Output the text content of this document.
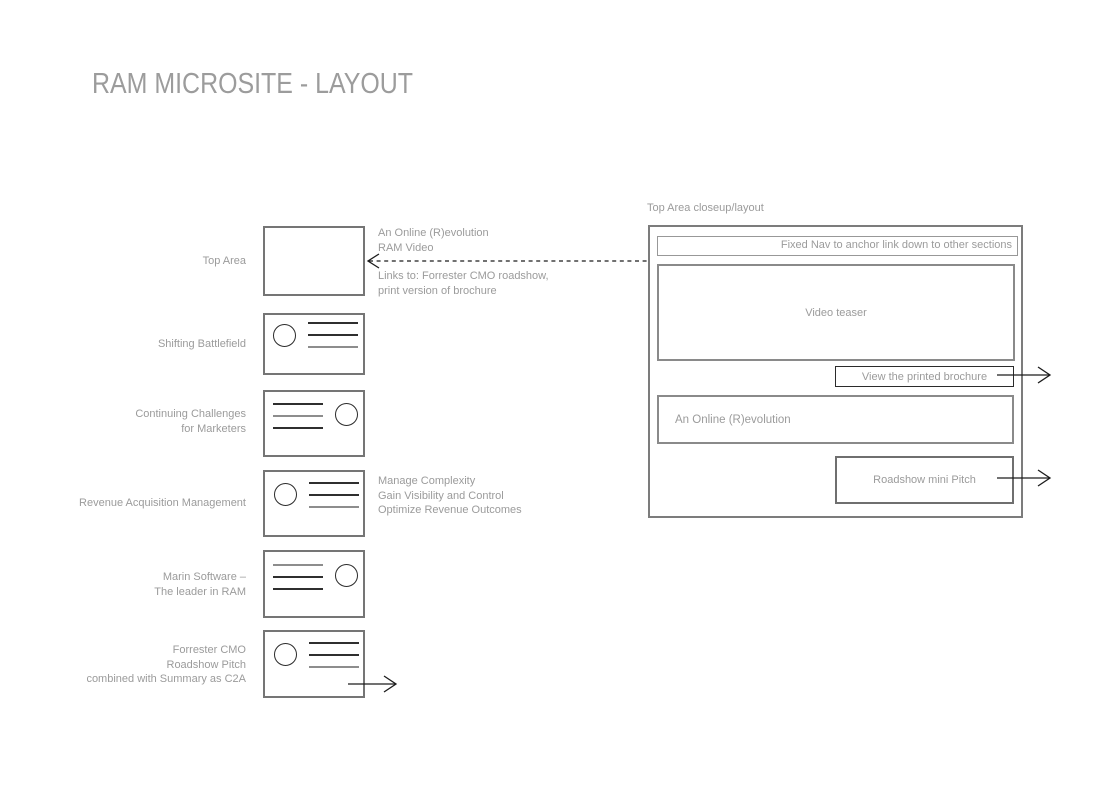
RAM MICROSITE - LAYOUT
Top Area
Shifting Battlefield
Continuing Challenges
for Marketers
Revenue Acquisition Management
Marin Software –
The leader in RAM
Forrester CMO
Roadshow Pitch
combined with Summary as C2A
An Online (R)evolution
RAM Video
Links to: Forrester CMO roadshow,
print version of brochure
Manage Complexity
Gain Visibility and Control
Optimize Revenue Outcomes
Top Area closeup/layout
Fixed Nav to anchor link down to other sections
Video teaser
View the printed brochure
An Online (R)evolution
Roadshow mini Pitch
